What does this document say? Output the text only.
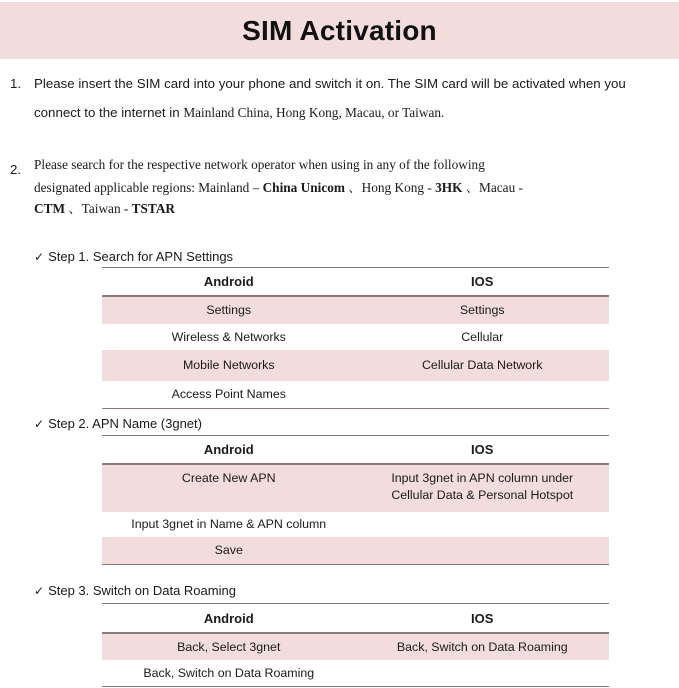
SIM Activation
1. Please insert the SIM card into your phone and switch it on. The SIM card will be activated when you
connect to the internet in Mainland China, Hong Kong, Macau, or Taiwan.
2. Please search for the respective network operator when using in any of the following
designated applicable regions: Mainland – China Unicom 、Hong Kong - 3HK 、Macau -
CTM 、Taiwan - TSTAR
✓ Step 1. Search for APN Settings
Android	IOS
Settings	Settings
Wireless & Networks	Cellular
Mobile Networks	Cellular Data Network
Access Point Names
✓ Step 2. APN Name (3gnet)
Android	IOS
Create New APN	Input 3gnet in APN column under
Cellular Data & Personal Hotspot
Input 3gnet in Name & APN column
Save
✓ Step 3. Switch on Data Roaming
Android	IOS
Back, Select 3gnet	Back, Switch on Data Roaming
Back, Switch on Data Roaming
